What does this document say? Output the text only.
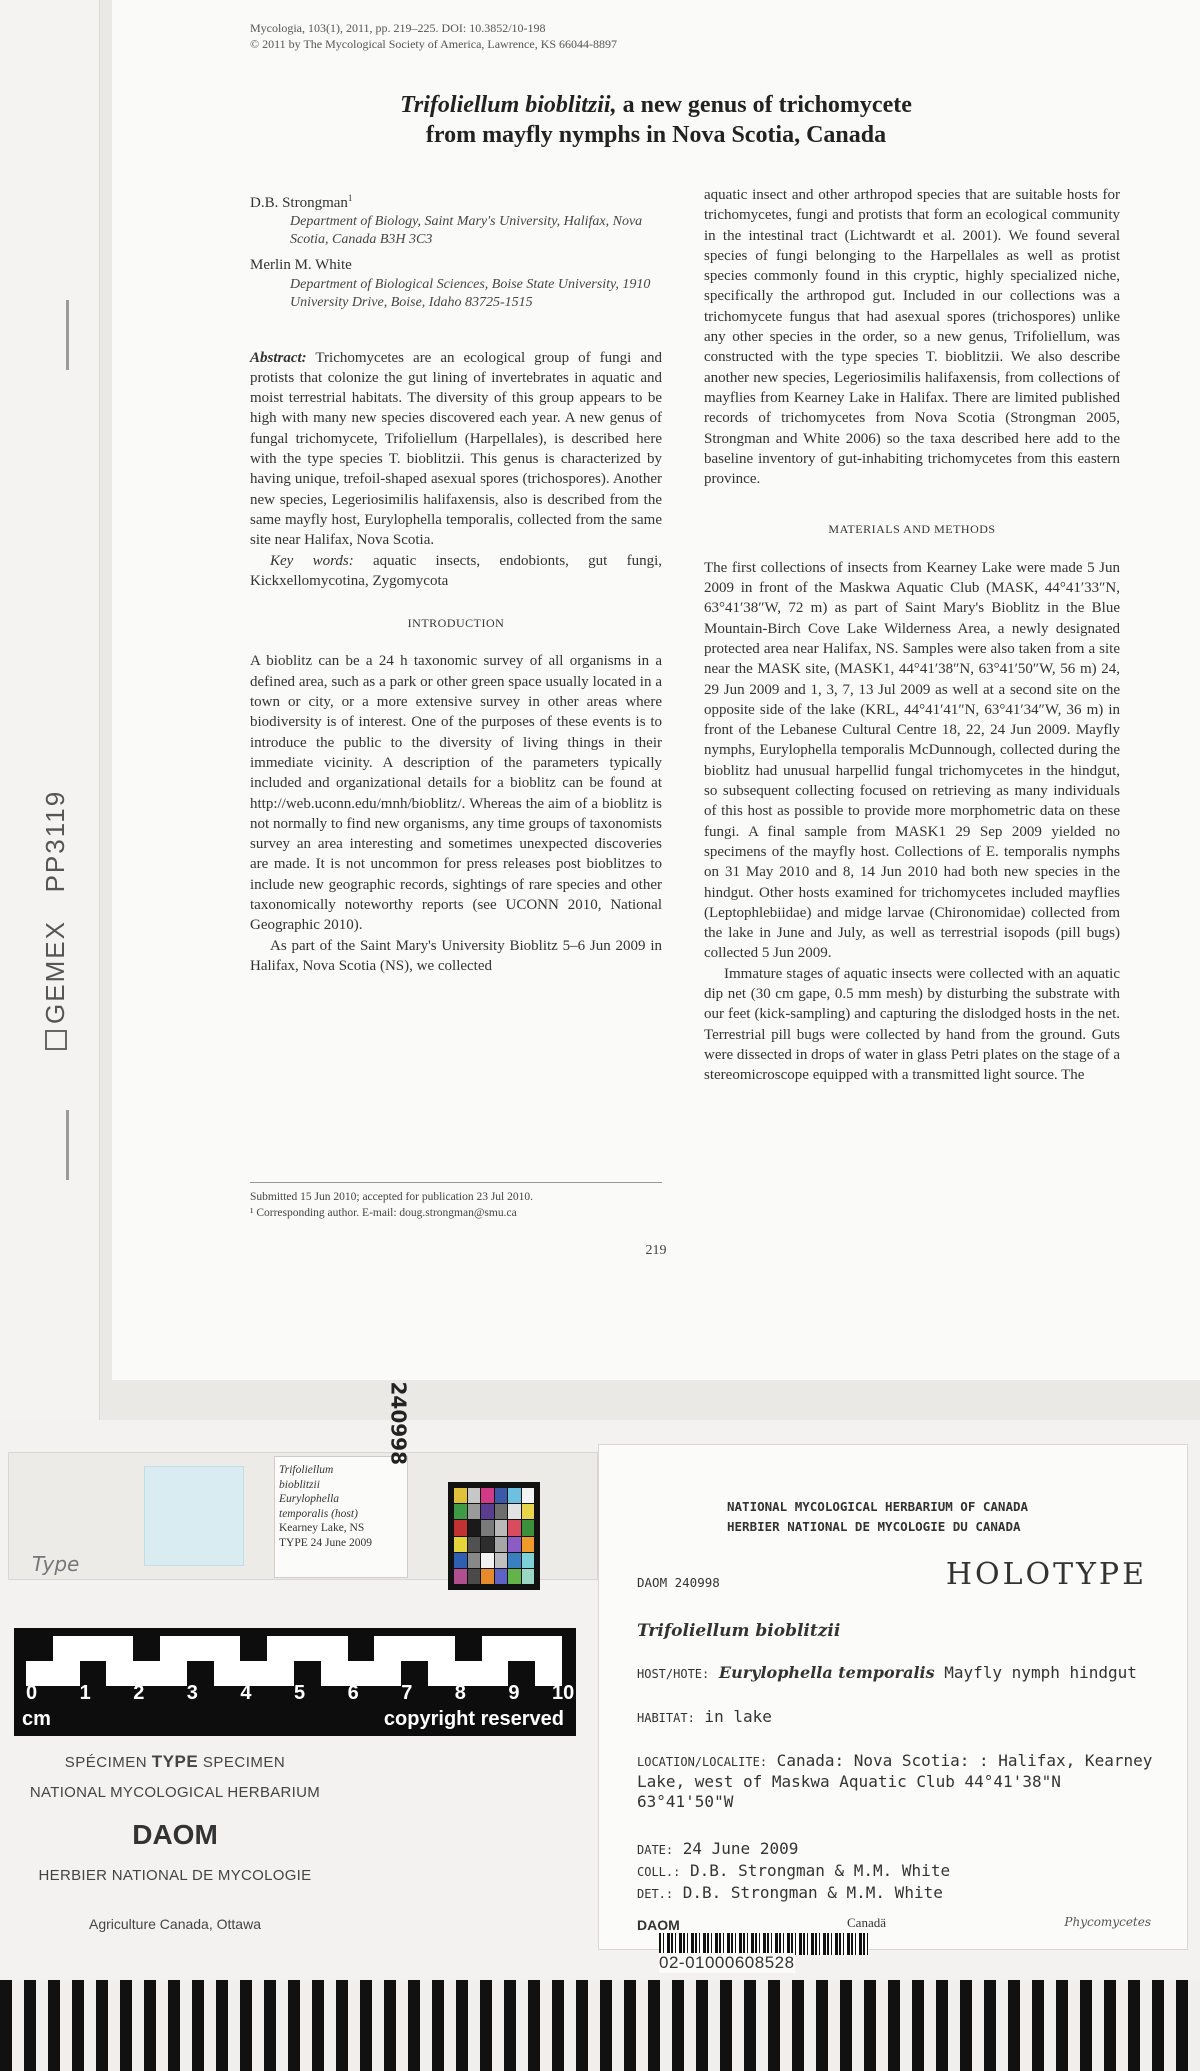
GEMEX   PP3119
Mycologia, 103(1), 2011, pp. 219–225. DOI: 10.3852/10-198
© 2011 by The Mycological Society of America, Lawrence, KS 66044-8897
Trifoliellum bioblitzii, a new genus of trichomycete
from mayfly nymphs in Nova Scotia, Canada
D.B. Strongman$^1$
Department of Biology, Saint Mary's University, Halifax, Nova Scotia, Canada B3H 3C3
Merlin M. White
Department of Biological Sciences, Boise State University, 1910 University Drive, Boise, Idaho 83725-1515
Abstract: Trichomycetes are an ecological group of fungi and protists that colonize the gut lining of invertebrates in aquatic and moist terrestrial habitats. The diversity of this group appears to be high with many new species discovered each year. A new genus of fungal trichomycete, Trifoliellum (Harpellales), is described here with the type species T. bioblitzii. This genus is characterized by having unique, trefoil-shaped asexual spores (trichospores). Another new species, Legeriosimilis halifaxensis, also is described from the same mayfly host, Eurylophella temporalis, collected from the same site near Halifax, Nova Scotia.
Key words: aquatic insects, endobionts, gut fungi, Kickxellomycotina, Zygomycota
INTRODUCTION

A bioblitz can be a 24 h taxonomic survey of all organisms in a defined area, such as a park or other green space usually located in a town or city, or a more extensive survey in other areas where biodiversity is of interest. One of the purposes of these events is to introduce the public to the diversity of living things in their immediate vicinity. A description of the parameters typically included and organizational details for a bioblitz can be found at http://web.uconn.edu/mnh/bioblitz/. Whereas the aim of a bioblitz is not normally to find new organisms, any time groups of taxonomists survey an area interesting and sometimes unexpected discoveries are made. It is not uncommon for press releases post bioblitzes to include new geographic records, sightings of rare species and other taxonomically noteworthy reports (see UCONN 2010, National Geographic 2010).

As part of the Saint Mary's University Bioblitz 5–6 Jun 2009 in Halifax, Nova Scotia (NS), we collected

aquatic insect and other arthropod species that are suitable hosts for trichomycetes, fungi and protists that form an ecological community in the intestinal tract (Lichtwardt et al. 2001). We found several species of fungi belonging to the Harpellales as well as protist species commonly found in this cryptic, highly specialized niche, specifically the arthropod gut. Included in our collections was a trichomycete fungus that had asexual spores (trichospores) unlike any other species in the order, so a new genus, Trifoliellum, was constructed with the type species T. bioblitzii. We also describe another new species, Legeriosimilis halifaxensis, from collections of mayflies from Kearney Lake in Halifax. There are limited published records of trichomycetes from Nova Scotia (Strongman 2005, Strongman and White 2006) so the taxa described here add to the baseline inventory of gut-inhabiting trichomycetes from this eastern province.

MATERIALS AND METHODS

The first collections of insects from Kearney Lake were made 5 Jun 2009 in front of the Maskwa Aquatic Club (MASK, 44°41′33″N, 63°41′38″W, 72 m) as part of Saint Mary's Bioblitz in the Blue Mountain-Birch Cove Lake Wilderness Area, a newly designated protected area near Halifax, NS. Samples were also taken from a site near the MASK site, (MASK1, 44°41′38″N, 63°41′50″W, 56 m) 24, 29 Jun 2009 and 1, 3, 7, 13 Jul 2009 as well at a second site on the opposite side of the lake (KRL, 44°41′41″N, 63°41′34″W, 36 m) in front of the Lebanese Cultural Centre 18, 22, 24 Jun 2009. Mayfly nymphs, Eurylophella temporalis McDunnough, collected during the bioblitz had unusual harpellid fungal trichomycetes in the hindgut, so subsequent collecting focused on retrieving as many individuals of this host as possible to provide more morphometric data on these fungi. A final sample from MASK1 29 Sep 2009 yielded no specimens of the mayfly host. Collections of E. temporalis nymphs on 31 May 2010 and 8, 14 Jun 2010 had both new species in the hindgut. Other hosts examined for trichomycetes included mayflies (Leptophlebiidae) and midge larvae (Chironomidae) collected from the lake in June and July, as well as terrestrial isopods (pill bugs) collected 5 Jun 2009.

Immature stages of aquatic insects were collected with an aquatic dip net (30 cm gape, 0.5 mm mesh) by disturbing the substrate with our feet (kick-sampling) and capturing the dislodged hosts in the net. Terrestrial pill bugs were collected by hand from the ground. Guts were dissected in drops of water in glass Petri plates on the stage of a stereomicroscope equipped with a transmitted light source. The

Submitted 15 Jun 2010; accepted for publication 23 Jul 2010.
¹ Corresponding author. E-mail: doug.strongman@smu.ca
219
Type
Trifoliellum
bioblitzii
Eurylophella
temporalis (host)
Kearney Lake, NS
TYPE 24 June 2009
240998
0 1 2 3 4 5 6 7 8 9 10
cm	copyright reserved
SPÉCIMEN TYPE SPECIMEN
NATIONAL MYCOLOGICAL HERBARIUM
DAOM
HERBIER NATIONAL DE MYCOLOGIE
Agriculture Canada, Ottawa
NATIONAL MYCOLOGICAL HERBARIUM OF CANADA
HERBIER NATIONAL DE MYCOLOGIE DU CANADA
DAOM 240998	HOLOTYPE
Trifoliellum bioblitzii
HOST/HOTE: Eurylophella temporalis Mayfly nymph hindgut
HABITAT: in lake
LOCATION/LOCALITE: Canada: Nova Scotia: : Halifax, Kearney Lake, west of Maskwa Aquatic Club 44°41'38"N 63°41'50"W
DATE: 24 June 2009
COLL.: D.B. Strongman & M.M. White
DET.: D.B. Strongman & M.M. White
DAOM	Canadä	Phycomycetes
02-01000608528
